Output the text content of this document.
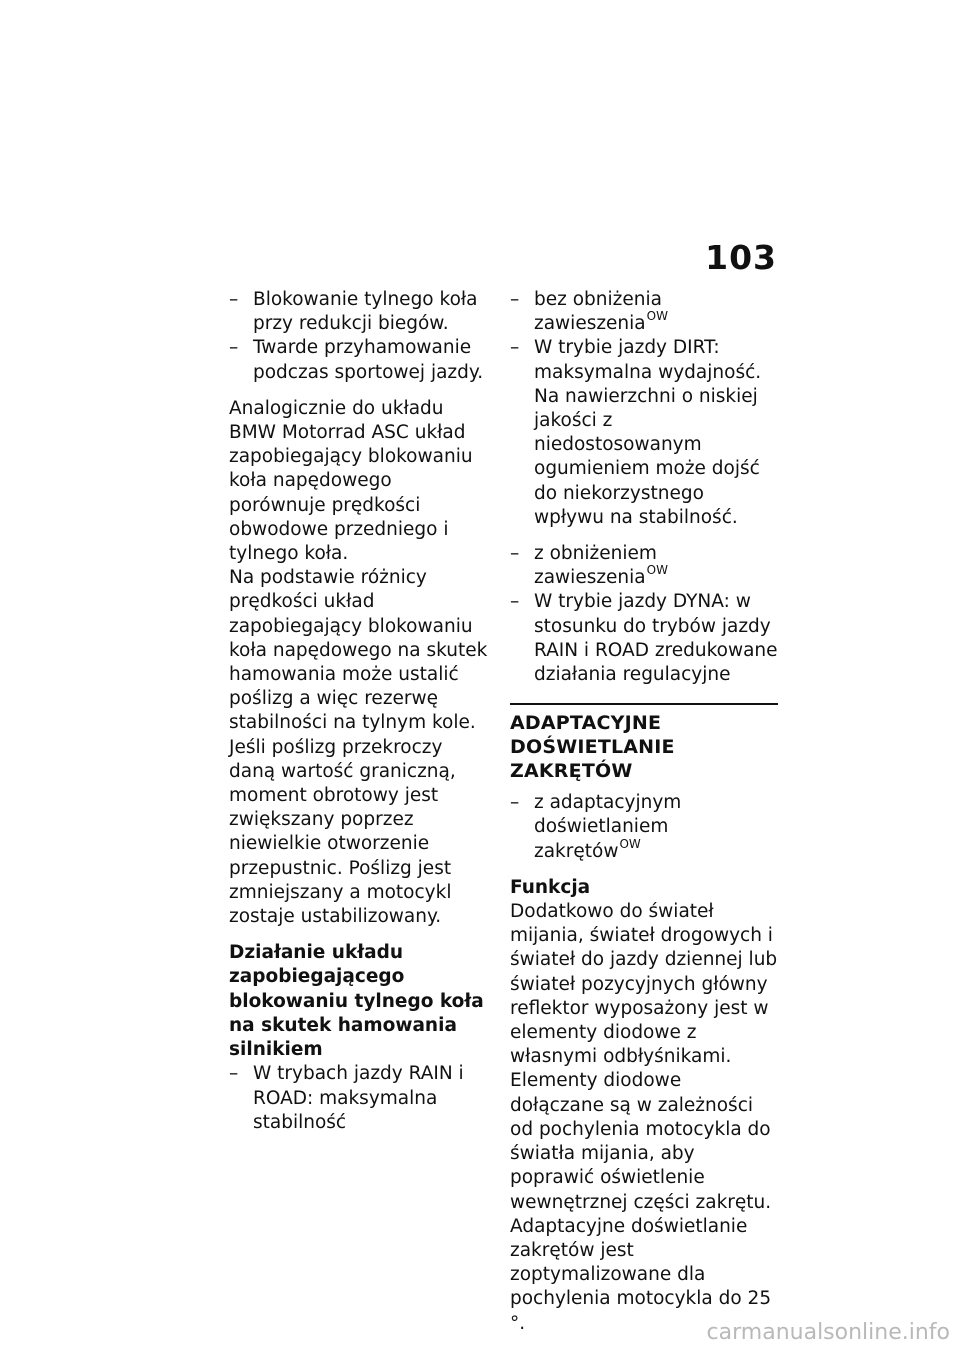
103
– Blokowanie tylnego koła przy redukcji biegów.
– Twarde przyhamowanie podczas sportowej jazdy.

Analogicznie do układu BMW Motorrad ASC układ zapobiegający blokowaniu koła napędowego porównuje prędkości obwodowe przedniego i tylnego koła.

Na podstawie różnicy prędkości układ zapobiegający blokowaniu koła napędowego na skutek hamowania może ustalić poślizg a więc rezerwę stabilności na tylnym kole.

Jeśli poślizg przekroczy daną wartość graniczną, moment obrotowy jest zwiększany poprzez niewielkie otworzenie przepustnic. Poślizg jest zmniejszany a motocykl zostaje ustabilizowany.

Działanie układu zapobiegającego blokowaniu tylnego koła na skutek hamowania silnikiem

– W trybach jazdy RAIN i ROAD: maksymalna stabilność
– bez obniżenia zawieszenia$^{OW}$
– W trybie jazdy DIRT: maksymalna wydajność. Na nawierzchni o niskiej jakości z niedostosowanym ogumieniem może dojść do niekorzystnego wpływu na stabilność.
– z obniżeniem zawieszenia$^{OW}$
– W trybie jazdy DYNA: w stosunku do trybów jazdy RAIN i ROAD zredukowane działania regulacyjne

ADAPTACYJNE DOŚWIETLANIE ZAKRĘTÓW

– z adaptacyjnym doświetlaniem zakrętów$^{OW}$

Funkcja

Dodatkowo do świateł mijania, świateł drogowych i świateł do jazdy dziennej lub świateł pozycyjnych główny reflektor wyposażony jest w elementy diodowe z własnymi odbłyśnikami. Elementy diodowe dołączane są w zależności od pochylenia motocykla do światła mijania, aby poprawić oświetlenie wewnętrznej części zakrętu.

Adaptacyjne doświetlanie zakrętów jest zoptymalizowane dla pochylenia motocykla do 25 °.	carmanualsonline.info
